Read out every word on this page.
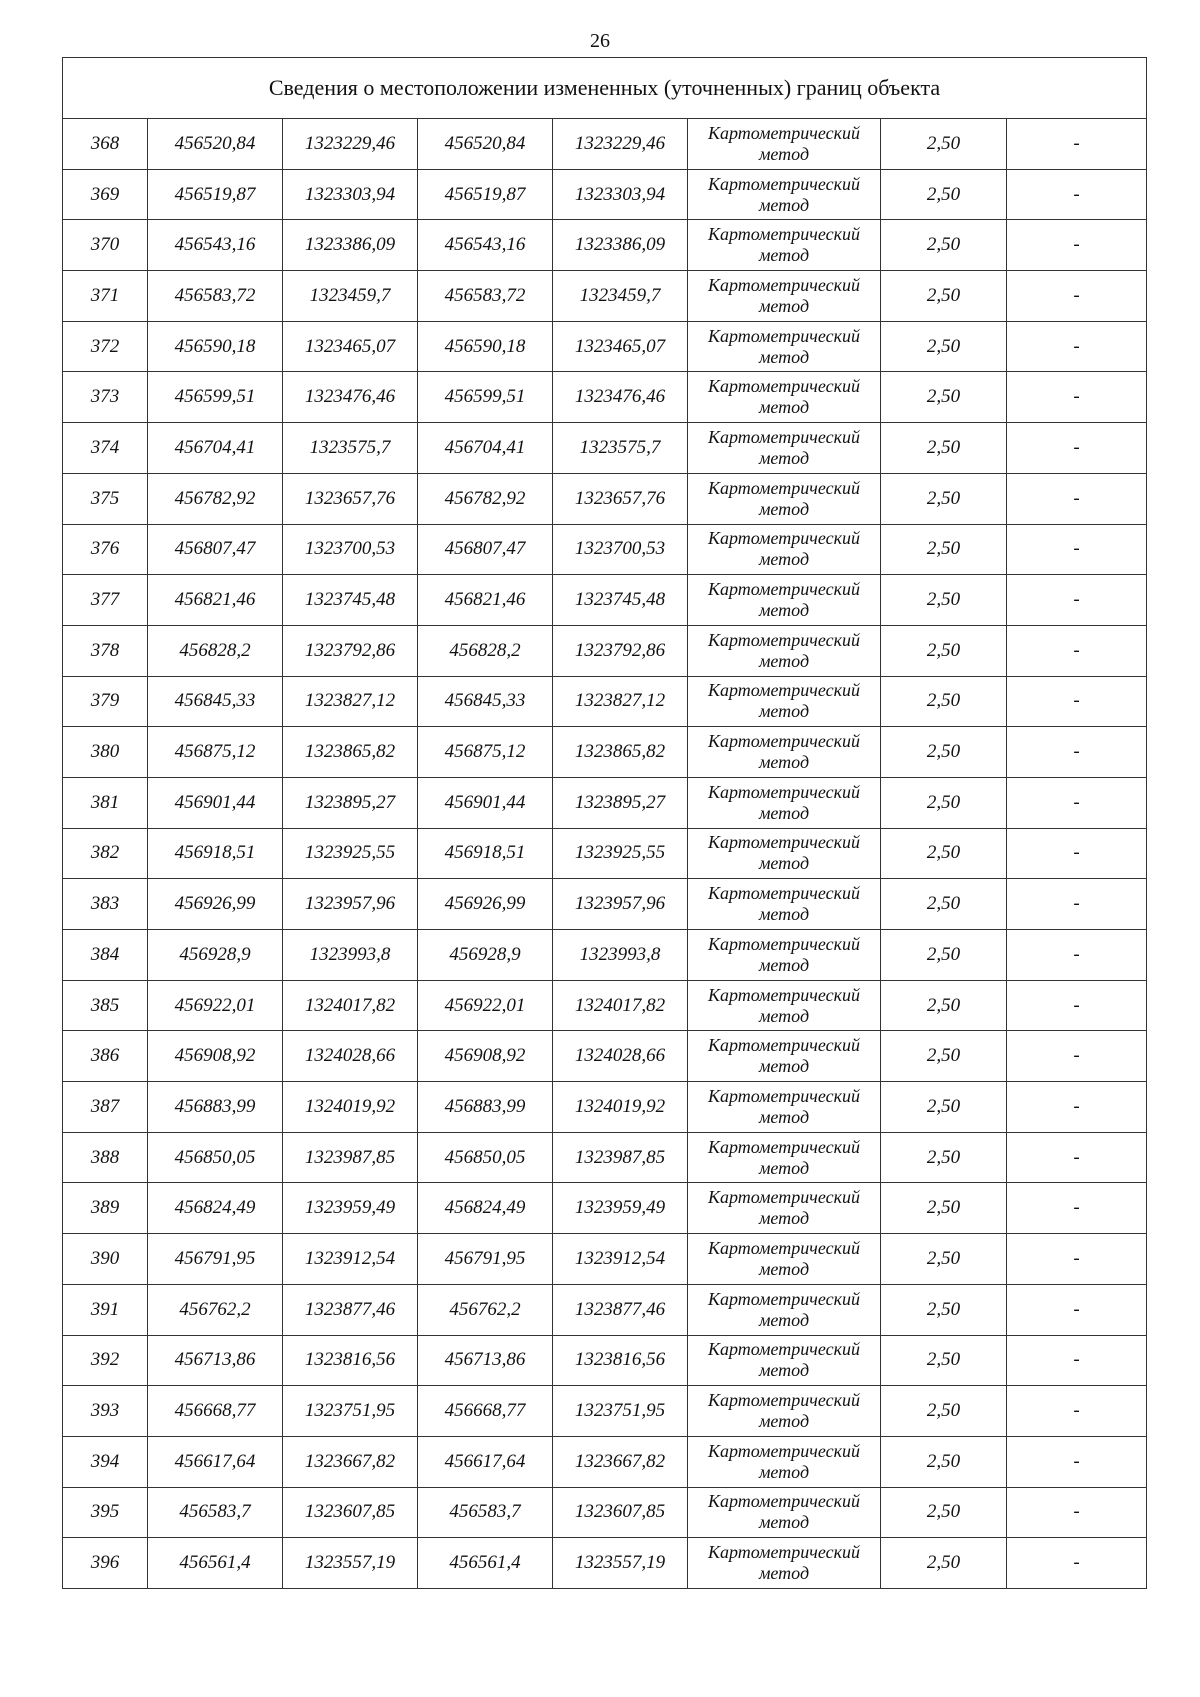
26
Сведения о местоположении измененных (уточненных) границ объекта							
368	456520,84	1323229,46	456520,84	1323229,46	Картометрический
метод	2,50	-
369	456519,87	1323303,94	456519,87	1323303,94	Картометрический
метод	2,50	-
370	456543,16	1323386,09	456543,16	1323386,09	Картометрический
метод	2,50	-
371	456583,72	1323459,7	456583,72	1323459,7	Картометрический
метод	2,50	-
372	456590,18	1323465,07	456590,18	1323465,07	Картометрический
метод	2,50	-
373	456599,51	1323476,46	456599,51	1323476,46	Картометрический
метод	2,50	-
374	456704,41	1323575,7	456704,41	1323575,7	Картометрический
метод	2,50	-
375	456782,92	1323657,76	456782,92	1323657,76	Картометрический
метод	2,50	-
376	456807,47	1323700,53	456807,47	1323700,53	Картометрический
метод	2,50	-
377	456821,46	1323745,48	456821,46	1323745,48	Картометрический
метод	2,50	-
378	456828,2	1323792,86	456828,2	1323792,86	Картометрический
метод	2,50	-
379	456845,33	1323827,12	456845,33	1323827,12	Картометрический
метод	2,50	-
380	456875,12	1323865,82	456875,12	1323865,82	Картометрический
метод	2,50	-
381	456901,44	1323895,27	456901,44	1323895,27	Картометрический
метод	2,50	-
382	456918,51	1323925,55	456918,51	1323925,55	Картометрический
метод	2,50	-
383	456926,99	1323957,96	456926,99	1323957,96	Картометрический
метод	2,50	-
384	456928,9	1323993,8	456928,9	1323993,8	Картометрический
метод	2,50	-
385	456922,01	1324017,82	456922,01	1324017,82	Картометрический
метод	2,50	-
386	456908,92	1324028,66	456908,92	1324028,66	Картометрический
метод	2,50	-
387	456883,99	1324019,92	456883,99	1324019,92	Картометрический
метод	2,50	-
388	456850,05	1323987,85	456850,05	1323987,85	Картометрический
метод	2,50	-
389	456824,49	1323959,49	456824,49	1323959,49	Картометрический
метод	2,50	-
390	456791,95	1323912,54	456791,95	1323912,54	Картометрический
метод	2,50	-
391	456762,2	1323877,46	456762,2	1323877,46	Картометрический
метод	2,50	-
392	456713,86	1323816,56	456713,86	1323816,56	Картометрический
метод	2,50	-
393	456668,77	1323751,95	456668,77	1323751,95	Картометрический
метод	2,50	-
394	456617,64	1323667,82	456617,64	1323667,82	Картометрический
метод	2,50	-
395	456583,7	1323607,85	456583,7	1323607,85	Картометрический
метод	2,50	-
396	456561,4	1323557,19	456561,4	1323557,19	Картометрический
метод	2,50	-
